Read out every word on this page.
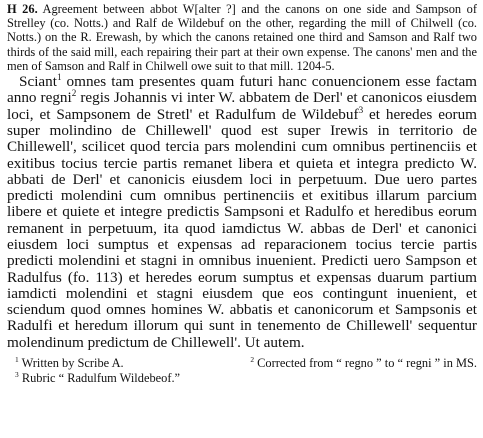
H 26. Agreement between abbot W[alter ?] and the canons on one side and Sampson of Strelley (co. Notts.) and Ralf de Wildebuf on the other, regarding the mill of Chilwell (co. Notts.) on the R. Erewash, by which the canons retained one third and Samson and Ralf two thirds of the said mill, each repairing their part at their own expense. The canons' men and the men of Samson and Ralf in Chilwell owe suit to that mill. 1204-5.

Sciant$^1$ omnes tam presentes quam futuri hanc conuencionem esse factam anno regni$^2$ regis Johannis vi inter W. abbatem de Derl' et canonicos eiusdem loci, et Sampsonem de Stretl' et Radulfum de Wildebuf$^3$ et heredes eorum super molindino de Chillewell' quod est super Irewis in territorio de Chillewell', scilicet quod tercia pars molendini cum omnibus pertinenciis et exitibus tocius tercie partis remanet libera et quieta et integra predicto W. abbati de Derl' et canonicis eiusdem loci in perpetuum. Due uero partes predicti molendini cum omnibus pertinenciis et exitibus illarum parcium libere et quiete et integre predictis Sampsoni et Radulfo et heredibus eorum remanent in perpetuum, ita quod iamdictus W. abbas de Derl' et canonici eiusdem loci sumptus et expensas ad reparacionem tocius tercie partis predicti molendini et stagni in omnibus inuenient. Predicti uero Sampson et Radulfus (fo. 113) et heredes eorum sumptus et expensas duarum partium iamdicti molendini et stagni eiusdem que eos contingunt inuenient, et sciendum quod omnes homines W. abbatis et canonicorum et Sampsonis et Radulfi et heredum illorum qui sunt in tenemento de Chillewell' sequentur molendinum predictum de Chillewell'. Ut autem.

$^1$ Written by Scribe A.	$^2$ Corrected from “ regno ” to “ regni ” in MS.
$^3$ Rubric “ Radulfum Wildebeof.”
